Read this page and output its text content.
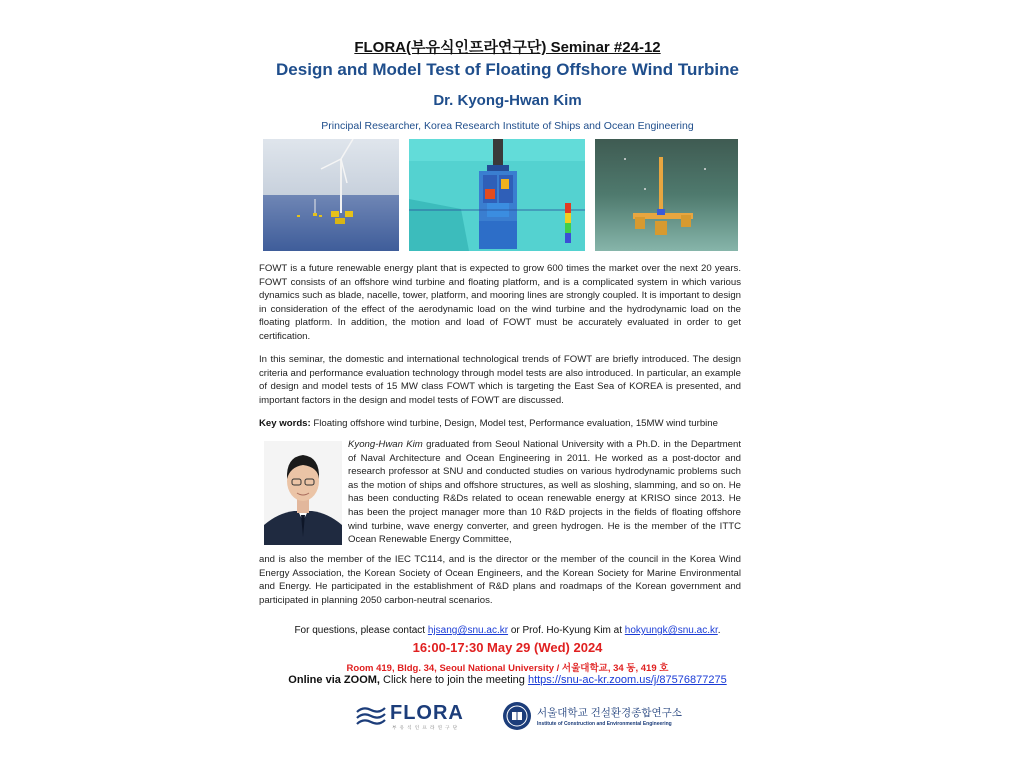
FLORA(부유식인프라연구단) Seminar #24-12
Design and Model Test of Floating Offshore Wind Turbine
Dr. Kyong-Hwan Kim
Principal Researcher, Korea Research Institute of Ships and Ocean Engineering
FOWT is a future renewable energy plant that is expected to grow 600 times the market over the next 20 years. FOWT consists of an offshore wind turbine and floating platform, and is a complicated system in which various dynamics such as blade, nacelle, tower, platform, and mooring lines are strongly coupled. It is important to design in consideration of the effect of the aerodynamic load on the wind turbine and the hydrodynamic load on the floating platform. In addition, the motion and load of FOWT must be accurately evaluated in order to get certification.
In this seminar, the domestic and international technological trends of FOWT are briefly introduced. The design criteria and performance evaluation technology through model tests are also introduced. In particular, an example of design and model tests of 15 MW class FOWT which is targeting the East Sea of KOREA is presented, and important factors in the design and model tests of FOWT are discussed.
Key words: Floating offshore wind turbine, Design, Model test, Performance evaluation, 15MW wind turbine
Kyong-Hwan Kim graduated from Seoul National University with a Ph.D. in the Department of Naval Architecture and Ocean Engineering in 2011. He worked as a post-doctor and research professor at SNU and conducted studies on various hydrodynamic problems such as the motion of ships and offshore structures, as well as sloshing, slamming, and so on. He has been conducting R&Ds related to ocean renewable energy at KRISO since 2013. He has been the project manager more than 10 R&D projects in the fields of floating offshore wind turbine, wave energy converter, and green hydrogen. He is the member of the ITTC Ocean Renewable Energy Committee,
and is also the member of the IEC TC114, and is the director or the member of the council in the Korea Wind Energy Association, the Korean Society of Ocean Engineers, and the Korean Society for Marine Environmental and Energy. He participated in the establishment of R&D plans and roadmaps of the Korean government and participated in planning 2050 carbon-neutral scenarios.
For questions, please contact hjsang@snu.ac.kr or Prof. Ho-Kyung Kim at hokyungk@snu.ac.kr.
16:00-17:30 May 29 (Wed) 2024
Room 419, Bldg. 34, Seoul National University / 서울대학교, 34 동, 419 호
Online via ZOOM, Click here to join the meeting https://snu-ac-kr.zoom.us/j/87576877275
FLORA
부 유 식 인 프 라 연 구 단
서울대학교 건설환경종합연구소
Institute of Construction and Environmental Engineering
